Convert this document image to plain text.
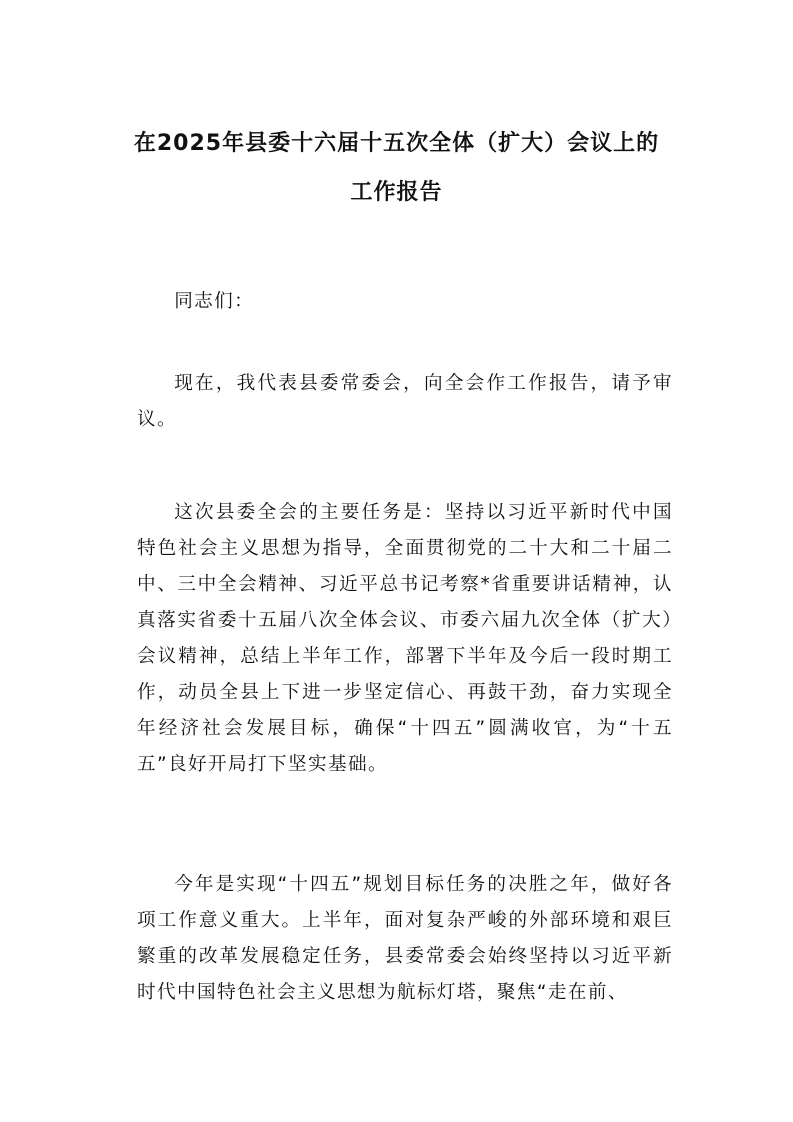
在2025年县委十六届十五次全体（扩大）会议上的
工作报告

同志们：

现在，我代表县委常委会，向全会作工作报告，请予审议。

这次县委全会的主要任务是：坚持以习近平新时代中国特色社会主义思想为指导，全面贯彻党的二十大和二十届二中、三中全会精神、习近平总书记考察*省重要讲话精神，认真落实省委十五届八次全体会议、市委六届九次全体（扩大）会议精神，总结上半年工作，部署下半年及今后一段时期工作，动员全县上下进一步坚定信心、再鼓干劲，奋力实现全年经济社会发展目标，确保“十四五”圆满收官，为“十五五”良好开局打下坚实基础。

今年是实现“十四五”规划目标任务的决胜之年，做好各项工作意义重大。上半年，面对复杂严峻的外部环境和艰巨繁重的改革发展稳定任务，县委常委会始终坚持以习近平新时代中国特色社会主义思想为航标灯塔，聚焦“走在前、
